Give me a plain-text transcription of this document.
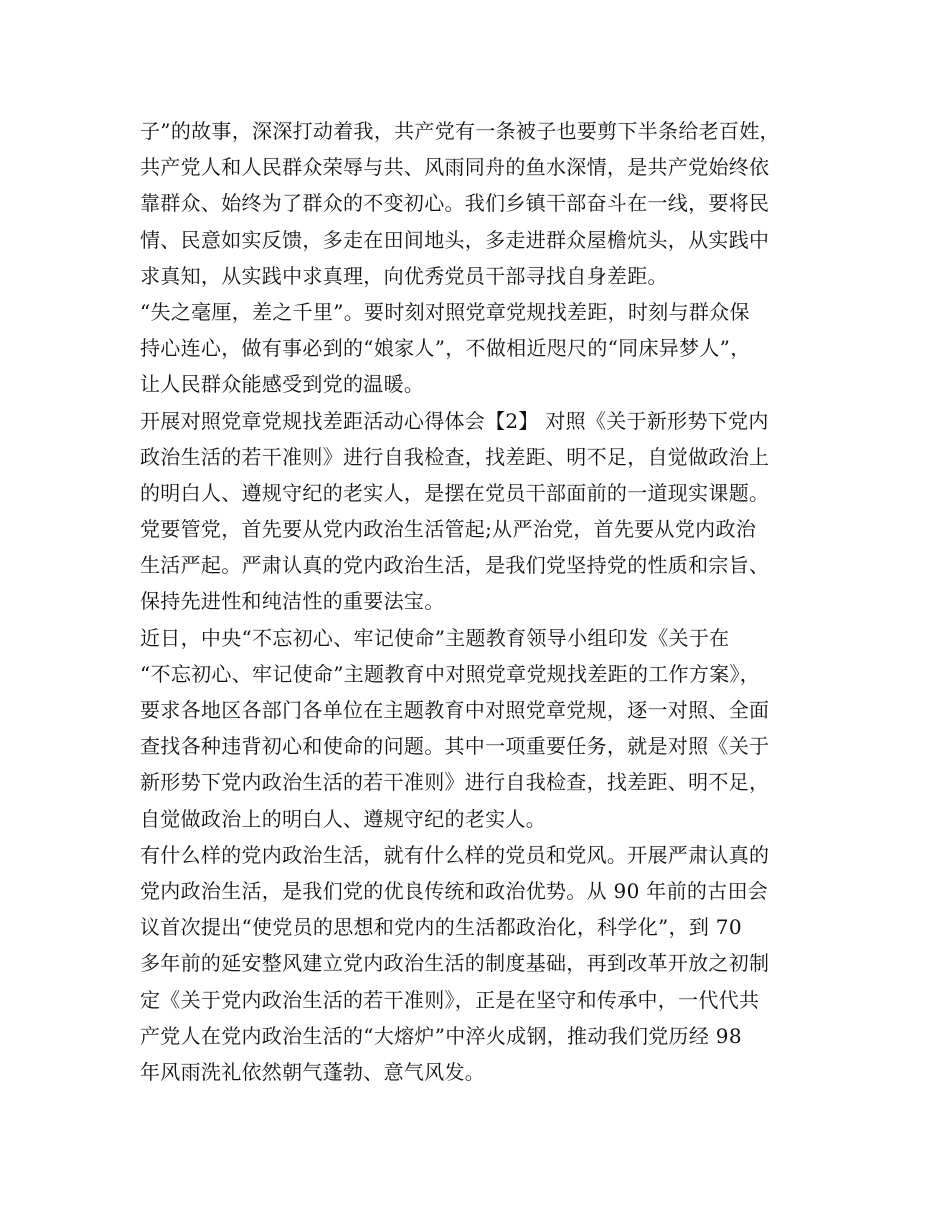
子”的故事，深深打动着我，共产党有一条被子也要剪下半条给老百姓，
共产党人和人民群众荣辱与共、风雨同舟的鱼水深情，是共产党始终依
靠群众、始终为了群众的不变初心。我们乡镇干部奋斗在一线，要将民
情、民意如实反馈，多走在田间地头，多走进群众屋檐炕头，从实践中
求真知，从实践中求真理，向优秀党员干部寻找自身差距。
“失之毫厘，差之千里”。要时刻对照党章党规找差距，时刻与群众保
持心连心，做有事必到的“娘家人”，不做相近咫尺的“同床异梦人”，
让人民群众能感受到党的温暖。
开展对照党章党规找差距活动心得体会【2】 对照《关于新形势下党内
政治生活的若干准则》进行自我检查，找差距、明不足，自觉做政治上
的明白人、遵规守纪的老实人，是摆在党员干部面前的一道现实课题。
党要管党，首先要从党内政治生活管起;从严治党，首先要从党内政治
生活严起。严肃认真的党内政治生活，是我们党坚持党的性质和宗旨、
保持先进性和纯洁性的重要法宝。
近日，中央“不忘初心、牢记使命”主题教育领导小组印发《关于在
“不忘初心、牢记使命”主题教育中对照党章党规找差距的工作方案》，
要求各地区各部门各单位在主题教育中对照党章党规，逐一对照、全面
查找各种违背初心和使命的问题。其中一项重要任务，就是对照《关于
新形势下党内政治生活的若干准则》进行自我检查，找差距、明不足，
自觉做政治上的明白人、遵规守纪的老实人。
有什么样的党内政治生活，就有什么样的党员和党风。开展严肃认真的
党内政治生活，是我们党的优良传统和政治优势。从 90 年前的古田会
议首次提出“使党员的思想和党内的生活都政治化，科学化”，到 70
多年前的延安整风建立党内政治生活的制度基础，再到改革开放之初制
定《关于党内政治生活的若干准则》，正是在坚守和传承中，一代代共
产党人在党内政治生活的“大熔炉”中淬火成钢，推动我们党历经 98
年风雨洗礼依然朝气蓬勃、意气风发。
